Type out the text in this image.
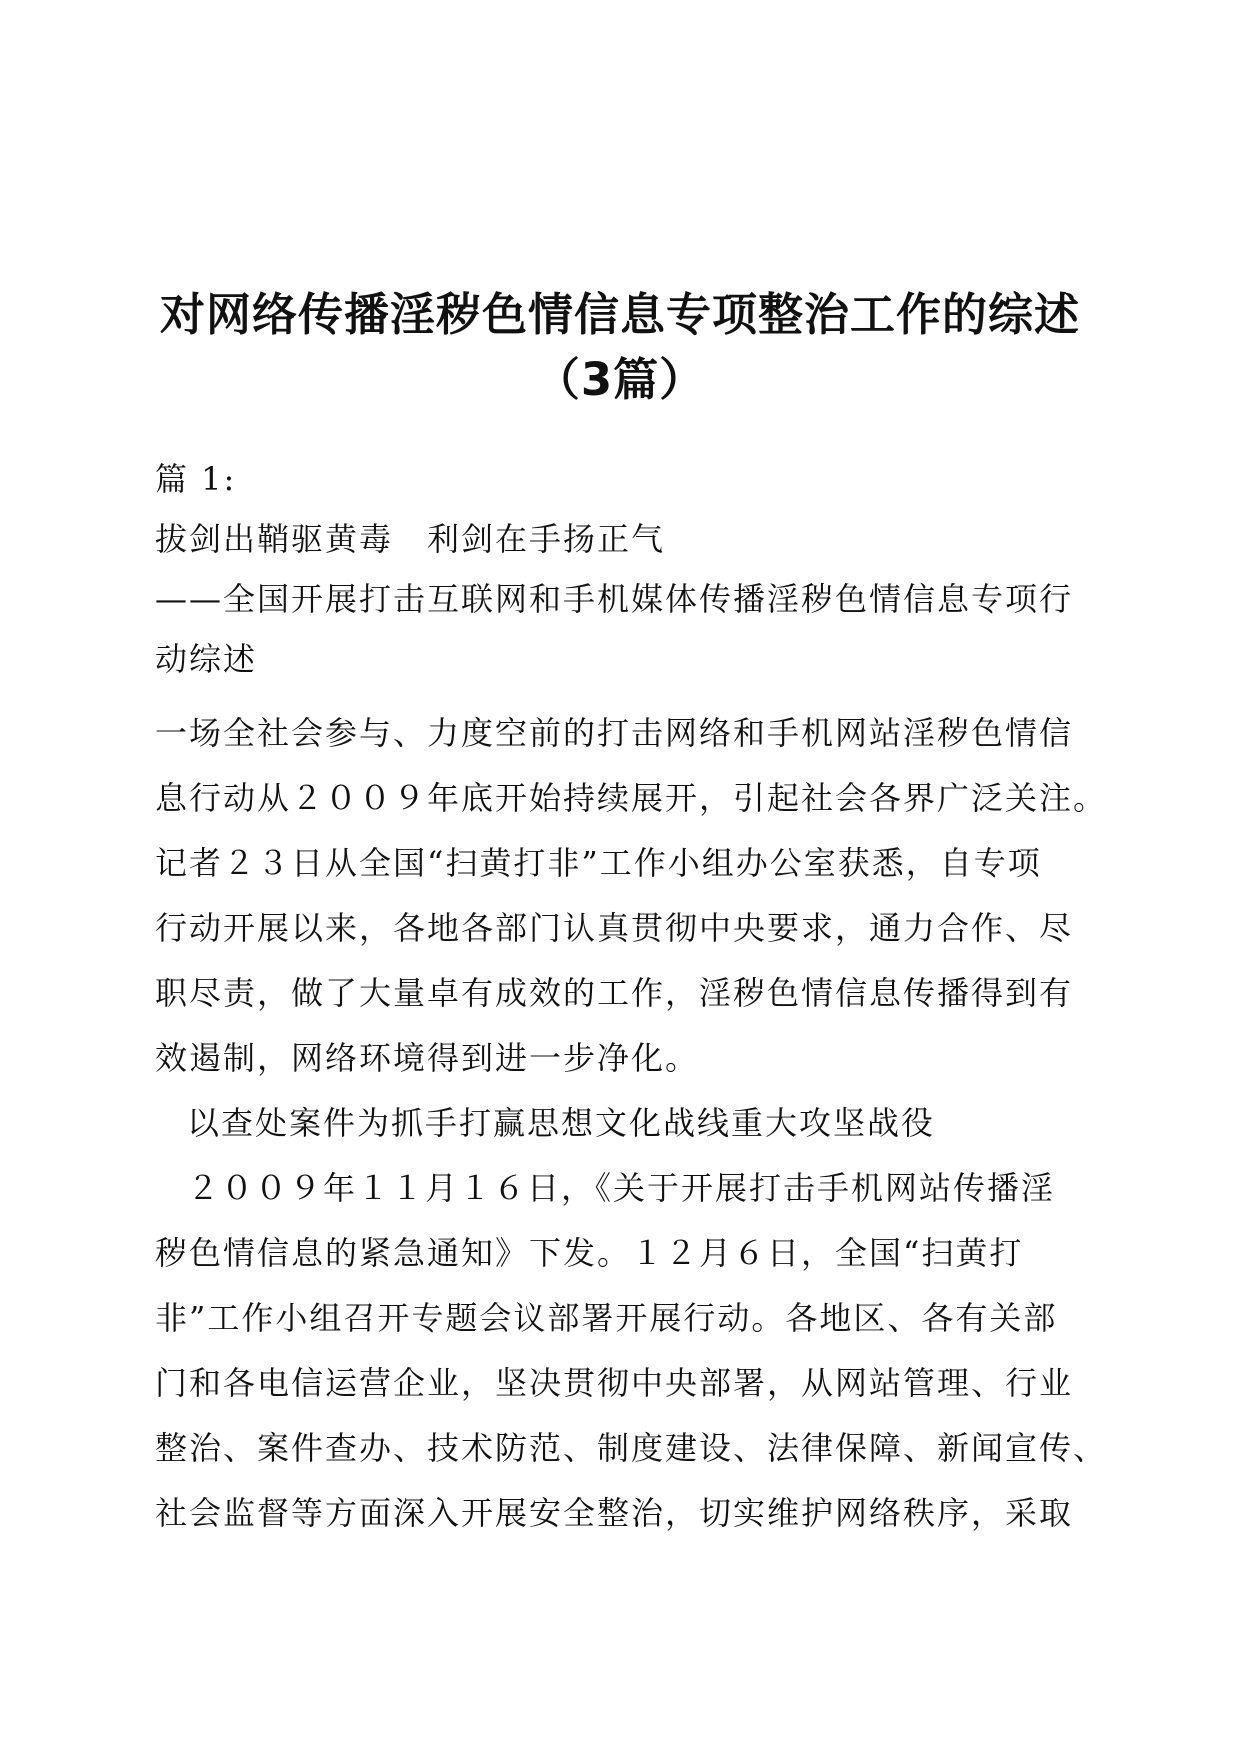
对网络传播淫秽色情信息专项整治工作的综述
（3篇）
篇 1:
拔剑出鞘驱黄毒　利剑在手扬正气
——全国开展打击互联网和手机媒体传播淫秽色情信息专项行
动综述
一场全社会参与、力度空前的打击网络和手机网站淫秽色情信
息行动从２００９年底开始持续展开，引起社会各界广泛关注。
记者２３日从全国“扫黄打非”工作小组办公室获悉，自专项
行动开展以来，各地各部门认真贯彻中央要求，通力合作、尽
职尽责，做了大量卓有成效的工作，淫秽色情信息传播得到有
效遏制，网络环境得到进一步净化。
以查处案件为抓手打赢思想文化战线重大攻坚战役
２００９年１１月１６日，《关于开展打击手机网站传播淫
秽色情信息的紧急通知》下发。１２月６日，全国“扫黄打
非”工作小组召开专题会议部署开展行动。各地区、各有关部
门和各电信运营企业，坚决贯彻中央部署，从网站管理、行业
整治、案件查办、技术防范、制度建设、法律保障、新闻宣传、
社会监督等方面深入开展安全整治，切实维护网络秩序，采取
